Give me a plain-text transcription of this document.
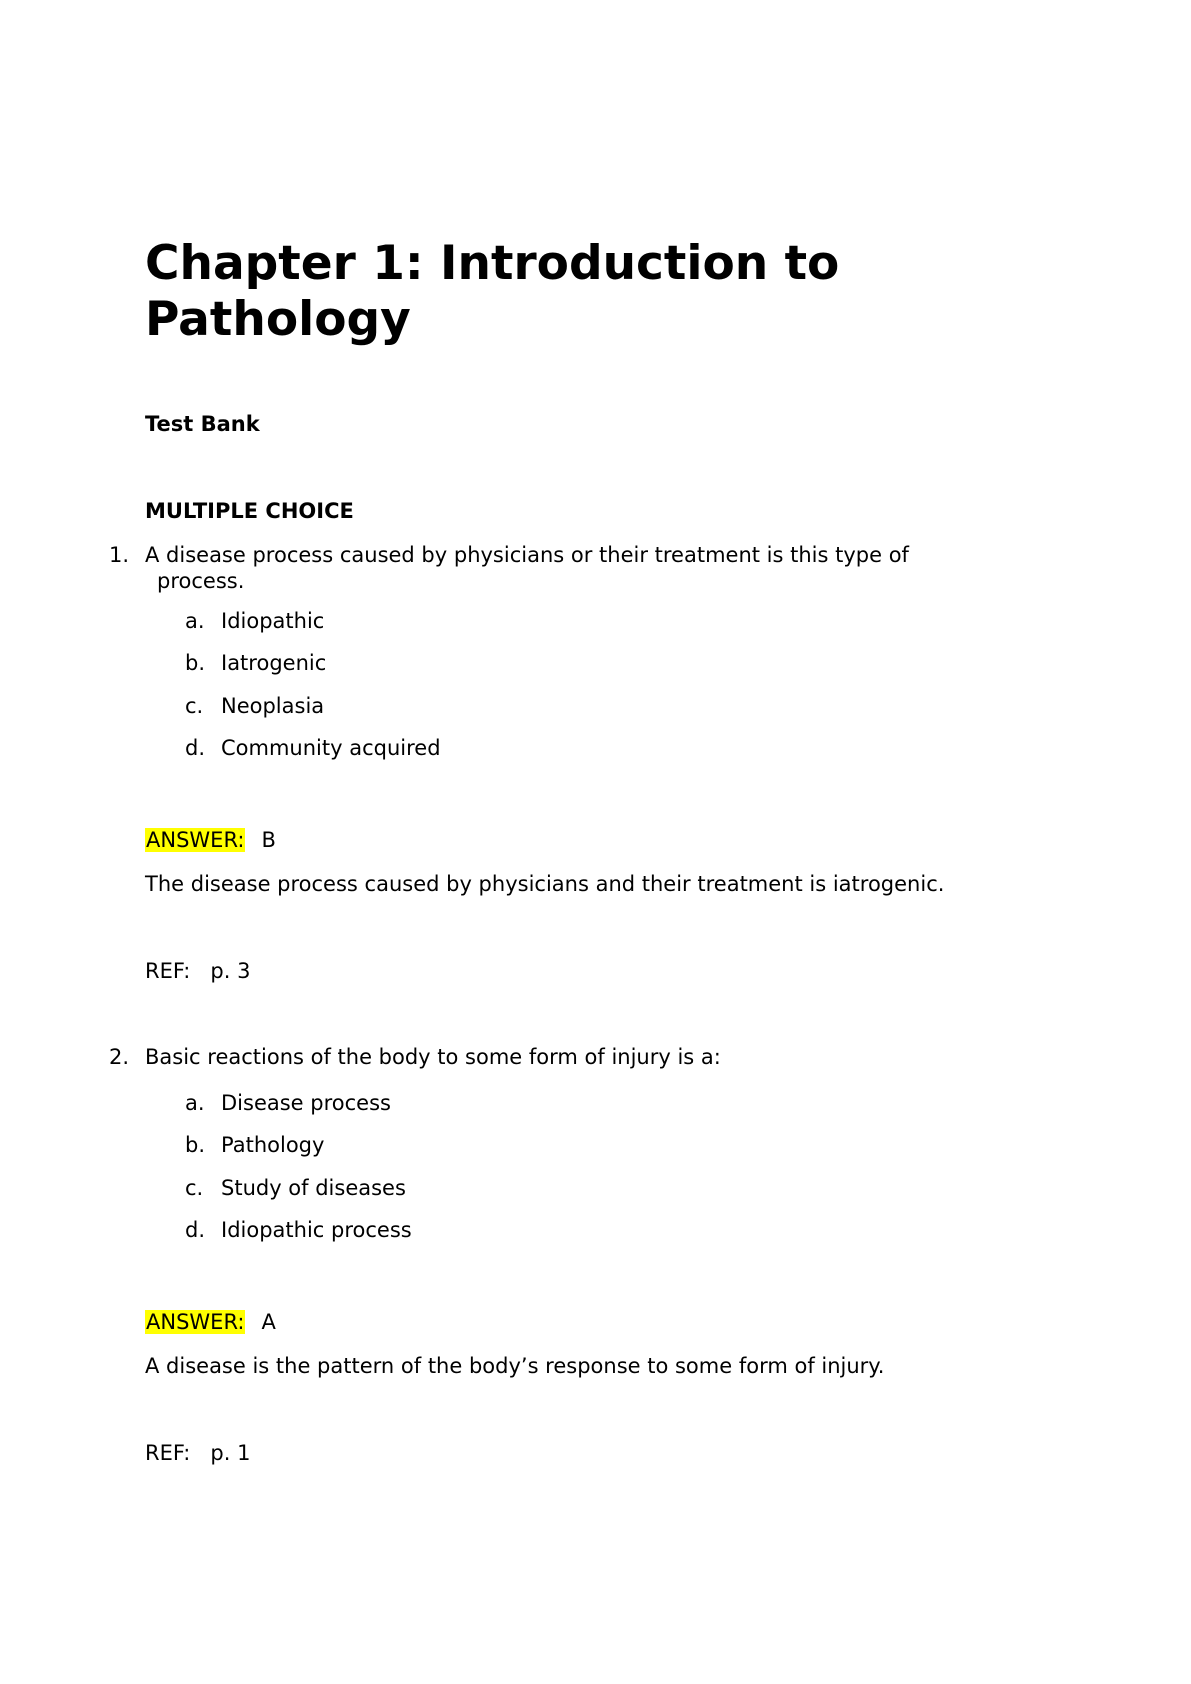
Chapter 1: Introduction to
Pathology
Test Bank
MULTIPLE CHOICE
1. A disease process caused by physicians or their treatment is this type of
process.
a. Idiopathic
b. Iatrogenic
c. Neoplasia
d. Community acquired
ANSWER: B
The disease process caused by physicians and their treatment is iatrogenic.
REF: p. 3
2. Basic reactions of the body to some form of injury is a:
a. Disease process
b. Pathology
c. Study of diseases
d. Idiopathic process
ANSWER: A
A disease is the pattern of the body’s response to some form of injury.
REF: p. 1
